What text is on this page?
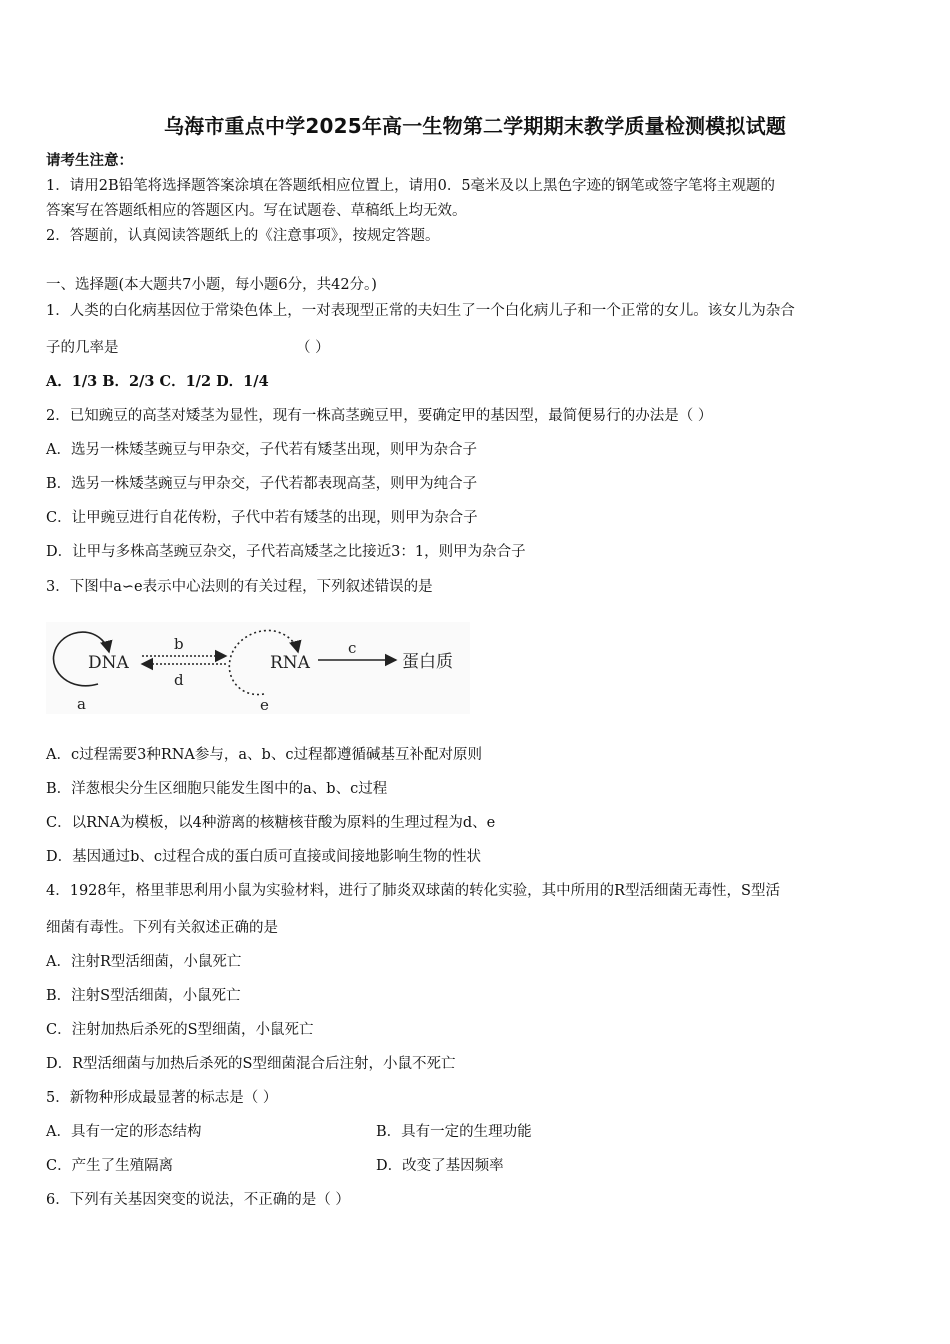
乌海市重点中学2025年高一生物第二学期期末教学质量检测模拟试题
请考生注意：
1．请用2B铅笔将选择题答案涂填在答题纸相应位置上，请用0．5毫米及以上黑色字迹的钢笔或签字笔将主观题的
答案写在答题纸相应的答题区内。写在试题卷、草稿纸上均无效。
2．答题前，认真阅读答题纸上的《注意事项》，按规定答题。
一、选择题(本大题共7小题，每小题6分，共42分。)
1．人类的白化病基因位于常染色体上，一对表现型正常的夫妇生了一个白化病儿子和一个正常的女儿。该女儿为杂合
子的几率是	（ ）
A．1/3 B．2/3 C．1/2 D．1/4
2．已知豌豆的高茎对矮茎为显性，现有一株高茎豌豆甲，要确定甲的基因型，最简便易行的办法是（ ）
A．选另一株矮茎豌豆与甲杂交，子代若有矮茎出现，则甲为杂合子
B．选另一株矮茎豌豆与甲杂交，子代若都表现高茎，则甲为纯合子
C．让甲豌豆进行自花传粉，子代中若有矮茎的出现，则甲为杂合子
D．让甲与多株高茎豌豆杂交，子代若高矮茎之比接近3：1，则甲为杂合子
3．下图中a∽e表示中心法则的有关过程，下列叙述错误的是
DNA
a
b
d
RNA
e
c
蛋白质
A．c过程需要3种RNA参与，a、b、c过程都遵循碱基互补配对原则
B．洋葱根尖分生区细胞只能发生图中的a、b、c过程
C．以RNA为模板，以4种游离的核糖核苷酸为原料的生理过程为d、e
D．基因通过b、c过程合成的蛋白质可直接或间接地影响生物的性状
4．1928年，格里菲思利用小鼠为实验材料，进行了肺炎双球菌的转化实验，其中所用的R型活细菌无毒性，S型活
细菌有毒性。下列有关叙述正确的是
A．注射R型活细菌，小鼠死亡
B．注射S型活细菌，小鼠死亡
C．注射加热后杀死的S型细菌，小鼠死亡
D．R型活细菌与加热后杀死的S型细菌混合后注射，小鼠不死亡
5．新物种形成最显著的标志是（ ）
A．具有一定的形态结构	B．具有一定的生理功能
C．产生了生殖隔离	D．改变了基因频率
6．下列有关基因突变的说法，不正确的是（ ）
